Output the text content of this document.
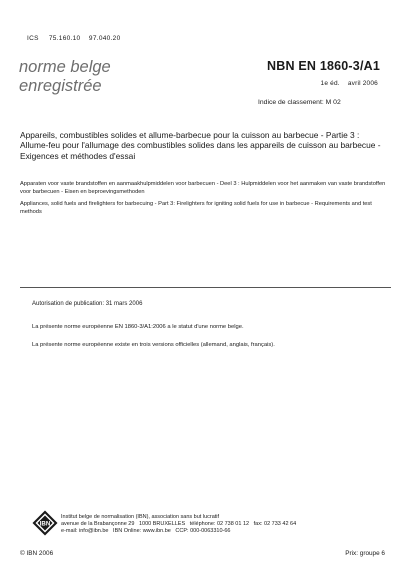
ICS 75.160.10    97.040.20
norme belge
enregistrée
NBN EN 1860-3/A1
1e éd. avril 2006
Indice de classement: M 02
Appareils, combustibles solides et allume-barbecue pour la cuisson au barbecue - Partie 3 : Allume-feu pour l'allumage des combustibles solides dans les appareils de cuisson au barbecue - Exigences et méthodes d'essai
Apparaten voor vaste brandstoffen en aanmaakhulpmiddelen voor barbecuen - Deel 3 : Hulpmiddelen voor het aanmaken van vaste brandstoffen voor barbecuen - Eisen en beproevingsmethoden
Appliances, solid fuels and firelighters for barbecuing - Part 3: Firelighters for igniting solid fuels for use in barbecue - Requirements and test methods
Autorisation de publication: 31 mars 2006
La présente norme européenne EN 1860-3/A1:2006 a le statut d'une norme belge.
La présente norme européenne existe en trois versions officielles (allemand, anglais, français).
IBN
Institut belge de normalisation (IBN), association sans but lucratif
avenue de la Brabançonne 29   1000 BRUXELLES   téléphone: 02 738 01 12   fax: 02 733 42 64
e-mail: info@ibn.be   IBN Online: www.ibn.be   CCP: 000-0063310-66
© IBN 2006	Prix: groupe 6
